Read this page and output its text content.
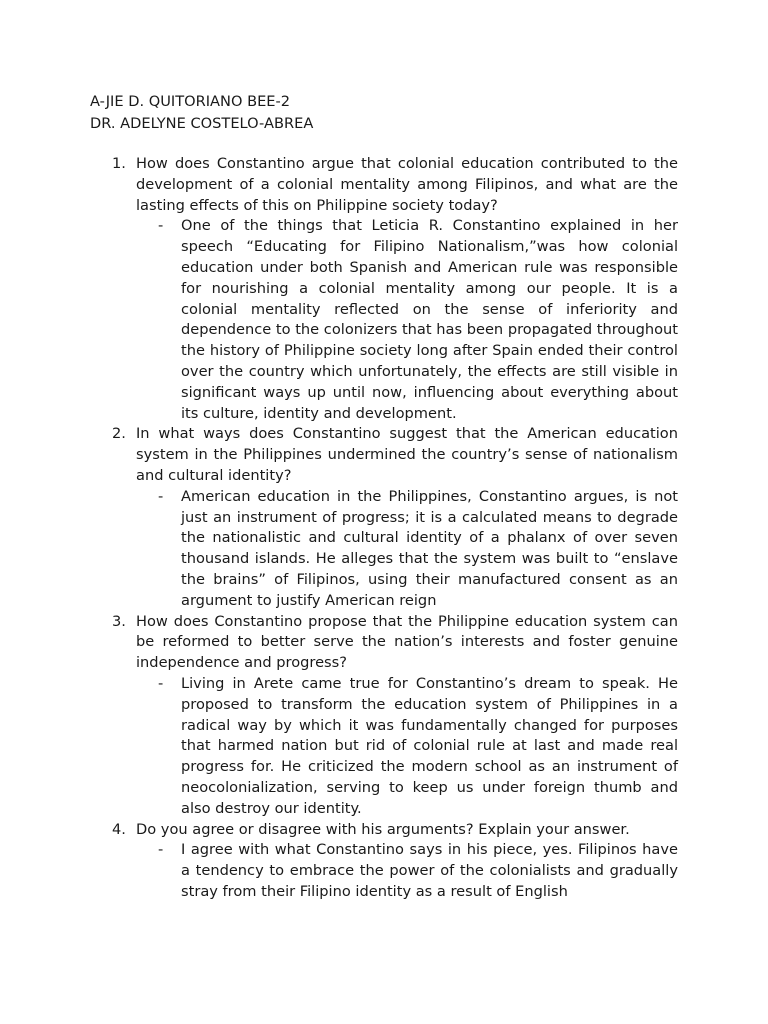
A-JIE D. QUITORIANO BEE-2
DR. ADELYNE COSTELO-ABREA
1. How does Constantino argue that colonial education contributed to the development of a colonial mentality among Filipinos, and what are the lasting effects of this on Philippine society today?
- One of the things that Leticia R. Constantino explained in her speech “Educating for Filipino Nationalism,”was how colonial education under both Spanish and American rule was responsible for nourishing a colonial mentality among our people. It is a colonial mentality reflected on the sense of inferiority and dependence to the colonizers that has been propagated throughout the history of Philippine society long after Spain ended their control over the country which unfortunately, the effects are still visible in significant ways up until now, influencing about everything about its culture, identity and development.
2. In what ways does Constantino suggest that the American education system in the Philippines undermined the country’s sense of nationalism and cultural identity?
- American education in the Philippines, Constantino argues, is not just an instrument of progress; it is a calculated means to degrade the nationalistic and cultural identity of a phalanx of over seven thousand islands. He alleges that the system was built to “enslave the brains” of Filipinos, using their manufactured consent as an argument to justify American reign
3. How does Constantino propose that the Philippine education system can be reformed to better serve the nation’s interests and foster genuine independence and progress?
- Living in Arete came true for Constantino’s dream to speak. He proposed to transform the education system of Philippines in a radical way by which it was fundamentally changed for purposes that harmed nation but rid of colonial rule at last and made real progress for. He criticized the modern school as an instrument of neocolonialization, serving to keep us under foreign thumb and also destroy our identity.
4. Do you agree or disagree with his arguments? Explain your answer.
- I agree with what Constantino says in his piece, yes. Filipinos have a tendency to embrace the power of the colonialists and gradually stray from their Filipino identity as a result of English
